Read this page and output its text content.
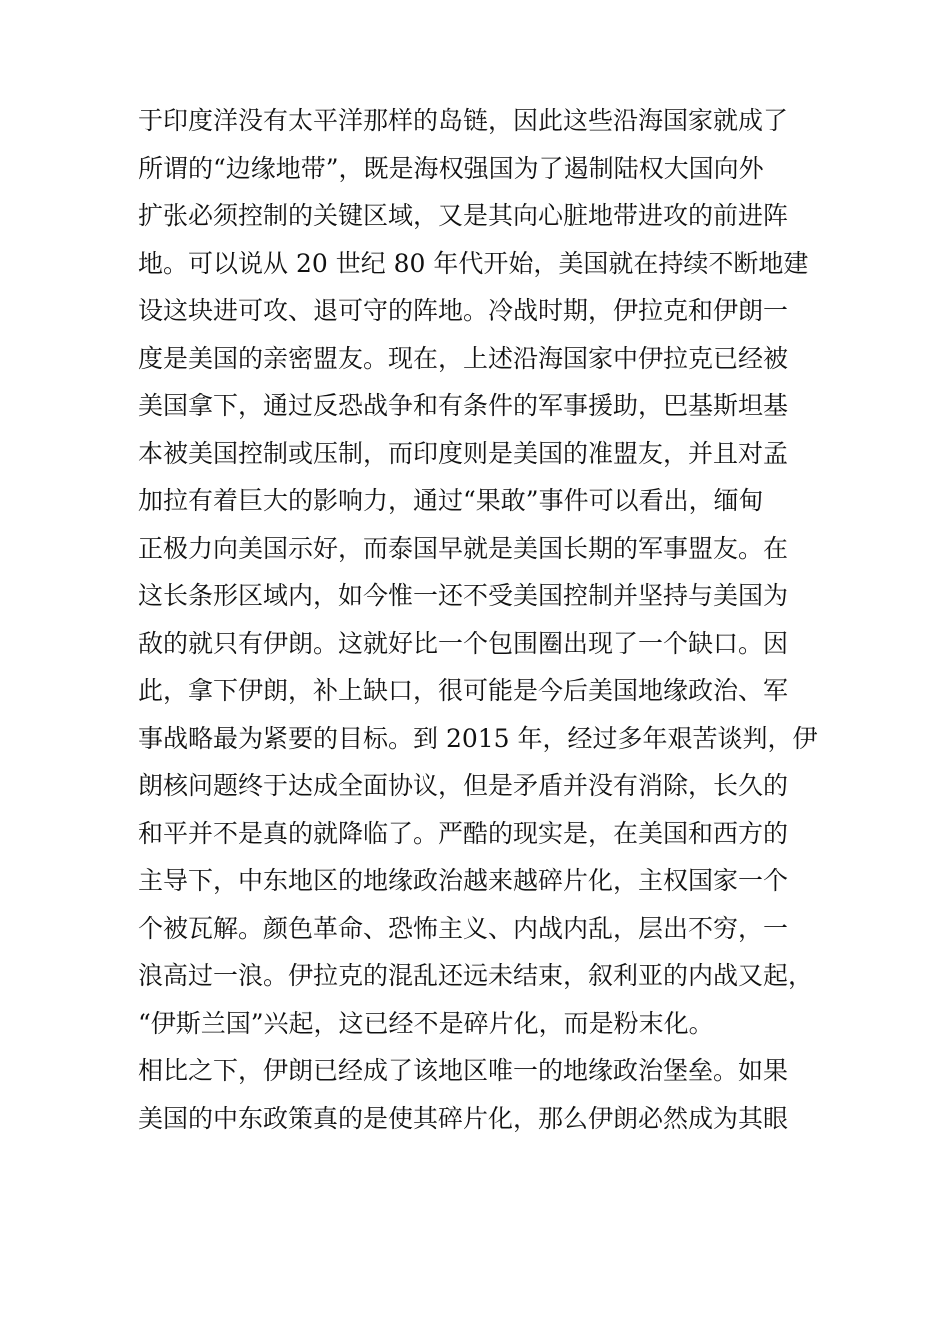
于印度洋没有太平洋那样的岛链，因此这些沿海国家就成了
所谓的“边缘地带”，既是海权强国为了遏制陆权大国向外
扩张必须控制的关键区域，又是其向心脏地带进攻的前进阵
地。可以说从 20 世纪 80 年代开始，美国就在持续不断地建
设这块进可攻、退可守的阵地。冷战时期，伊拉克和伊朗一
度是美国的亲密盟友。现在，上述沿海国家中伊拉克已经被
美国拿下，通过反恐战争和有条件的军事援助，巴基斯坦基
本被美国控制或压制，而印度则是美国的准盟友，并且对孟
加拉有着巨大的影响力，通过“果敢”事件可以看出，缅甸
正极力向美国示好，而泰国早就是美国长期的军事盟友。在
这长条形区域内，如今惟一还不受美国控制并坚持与美国为
敌的就只有伊朗。这就好比一个包围圈出现了一个缺口。因
此，拿下伊朗，补上缺口，很可能是今后美国地缘政治、军
事战略最为紧要的目标。到 2015 年，经过多年艰苦谈判，伊
朗核问题终于达成全面协议，但是矛盾并没有消除，长久的
和平并不是真的就降临了。严酷的现实是，在美国和西方的
主导下，中东地区的地缘政治越来越碎片化，主权国家一个
个被瓦解。颜色革命、恐怖主义、内战内乱，层出不穷，一
浪高过一浪。伊拉克的混乱还远未结束，叙利亚的内战又起，
“伊斯兰国”兴起，这已经不是碎片化，而是粉末化。
相比之下，伊朗已经成了该地区唯一的地缘政治堡垒。如果
美国的中东政策真的是使其碎片化，那么伊朗必然成为其眼
